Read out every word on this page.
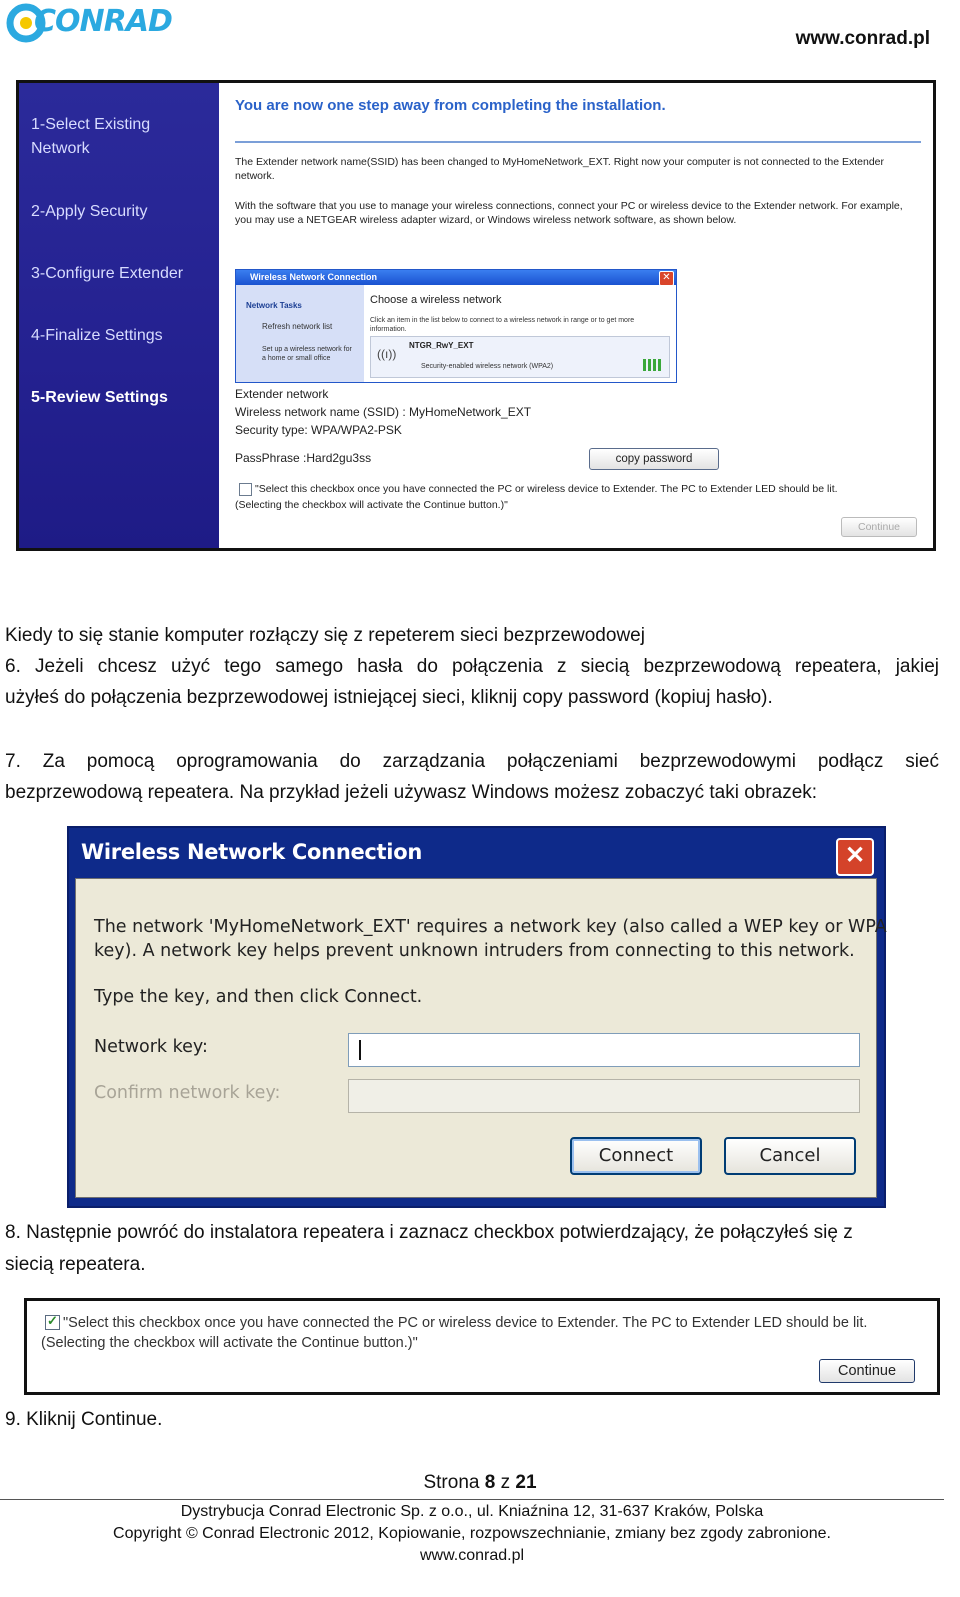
CONRAD	www.conrad.pl
1-Select Existing Network
2-Apply Security
3-Configure Extender
4-Finalize Settings
5-Review Settings
You are now one step away from completing the installation.
The Extender network name(SSID) has been changed to MyHomeNetwork_EXT. Right now your computer is not connected to the Extender network.
With the software that you use to manage your wireless connections, connect your PC or wireless device to the Extender network. For example, you may use a NETGEAR wireless adapter wizard, or Windows wireless network software, as shown below.
Wireless Network Connection	✕
Network Tasks
Refresh network list
Set up a wireless network for a home or small office
Choose a wireless network
Click an item in the list below to connect to a wireless network in range or to get more information.
((ı))
NTGR_RwY_EXT
Security-enabled wireless network (WPA2)
Extender network
Wireless network name (SSID) : MyHomeNetwork_EXT
Security type: WPA/WPA2-PSK
PassPhrase :Hard2gu3ss	copy password
"Select this checkbox once you have connected the PC or wireless device to Extender. The PC to Extender LED should be lit.
(Selecting the checkbox will activate the Continue button.)"
Continue
Kiedy to się stanie komputer rozłączy się z repeterem sieci bezprzewodowej
6. Jeżeli chcesz użyć tego samego hasła do połączenia z siecią bezprzewodową repeatera, jakiej
użyłeś do połączenia bezprzewodowej istniejącej sieci, kliknij copy password (kopiuj hasło).
7. Za pomocą oprogramowania do zarządzania połączeniami bezprzewodowymi podłącz sieć
bezprzewodową repeatera. Na przykład jeżeli używasz Windows możesz zobaczyć taki obrazek:
Wireless Network Connection	✕
The network 'MyHomeNetwork_EXT' requires a network key (also called a WEP key or WPA
key). A network key helps prevent unknown intruders from connecting to this network.
Type the key, and then click Connect.
Network key:
Confirm network key:
Connect	Cancel
8. Następnie powróć do instalatora repeatera i zaznacz checkbox potwierdzający, że połączyłeś się z
siecią repeatera.
✓ "Select this checkbox once you have connected the PC or wireless device to Extender. The PC to Extender LED should be lit.
(Selecting the checkbox will activate the Continue button.)"
Continue
9. Kliknij Continue.
Strona 8 z 21
Dystrybucja Conrad Electronic Sp. z o.o., ul. Kniaźnina 12, 31-637 Kraków, Polska
Copyright © Conrad Electronic 2012, Kopiowanie, rozpowszechnianie, zmiany bez zgody zabronione.
www.conrad.pl
